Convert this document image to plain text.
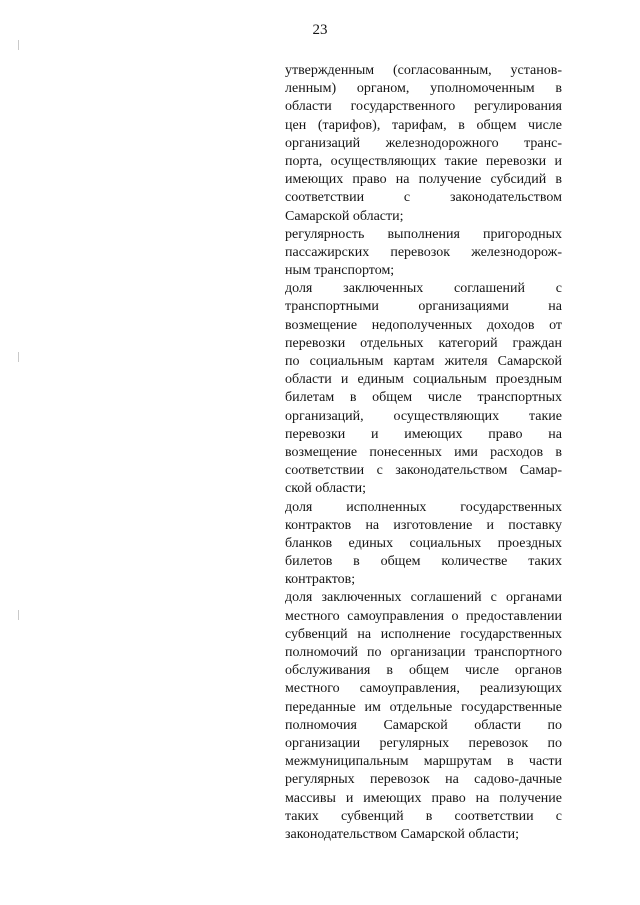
23
утвержденным (согласованным, установ-
ленным) органом, уполномоченным в
области государственного регулирования
цен (тарифов), тарифам, в общем числе
организаций железнодорожного транс-
порта, осуществляющих такие перевозки и
имеющих право на получение субсидий в
соответствии с законодательством
Самарской области;
регулярность выполнения пригородных
пассажирских перевозок железнодорож-
ным транспортом;
доля заключенных соглашений с
транспортными организациями на
возмещение недополученных доходов от
перевозки отдельных категорий граждан
по социальным картам жителя Самарской
области и единым социальным проездным
билетам в общем числе транспортных
организаций, осуществляющих такие
перевозки и имеющих право на
возмещение понесенных ими расходов в
соответствии с законодательством Самар-
ской области;
доля исполненных государственных
контрактов на изготовление и поставку
бланков единых социальных проездных
билетов в общем количестве таких
контрактов;
доля заключенных соглашений с органами
местного самоуправления о предоставлении
субвенций на исполнение государственных
полномочий по организации транспортного
обслуживания в общем числе органов
местного самоуправления, реализующих
переданные им отдельные государственные
полномочия Самарской области по
организации регулярных перевозок по
межмуниципальным маршрутам в части
регулярных перевозок на садово-дачные
массивы и имеющих право на получение
таких субвенций в соответствии с
законодательством Самарской области;
